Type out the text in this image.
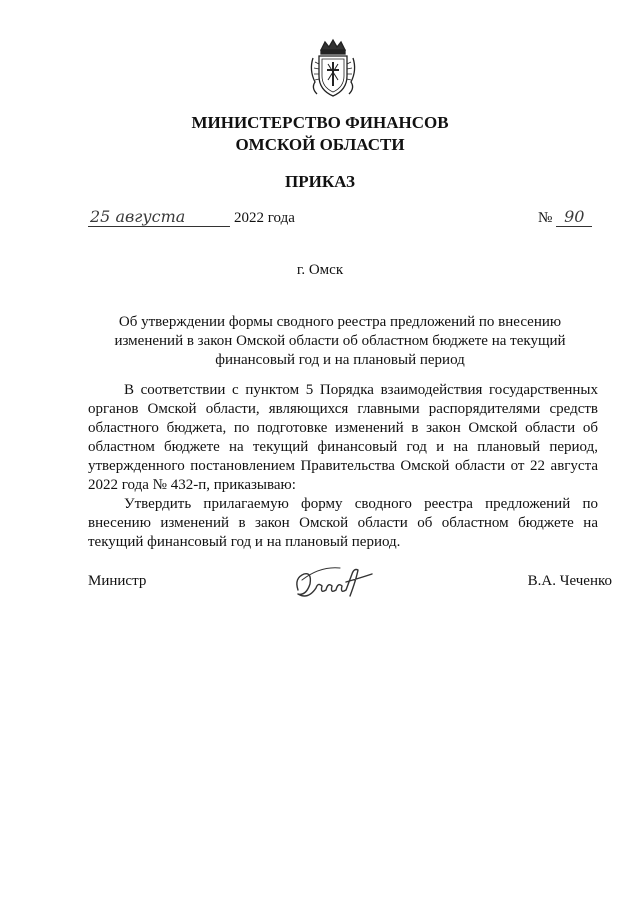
МИНИСТЕРСТВО ФИНАНСОВ
ОМСКОЙ ОБЛАСТИ
ПРИКАЗ
25 августа	2022 года	№ 90
г. Омск
Об утверждении формы сводного реестра предложений по внесению изменений в закон Омской области об областном бюджете на текущий финансовый год и на плановый период

В соответствии с пунктом 5 Порядка взаимодействия государственных органов Омской области, являющихся главными распорядителями средств областного бюджета, по подготовке изменений в закон Омской области об областном бюджете на текущий финансовый год и на плановый период, утвержденного постановлением Правительства Омской области от 22 августа 2022 года № 432-п, приказываю:

Утвердить прилагаемую форму сводного реестра предложений по внесению изменений в закон Омской области об областном бюджете на текущий финансовый год и на плановый период.

Министр	В.А. Чеченко
